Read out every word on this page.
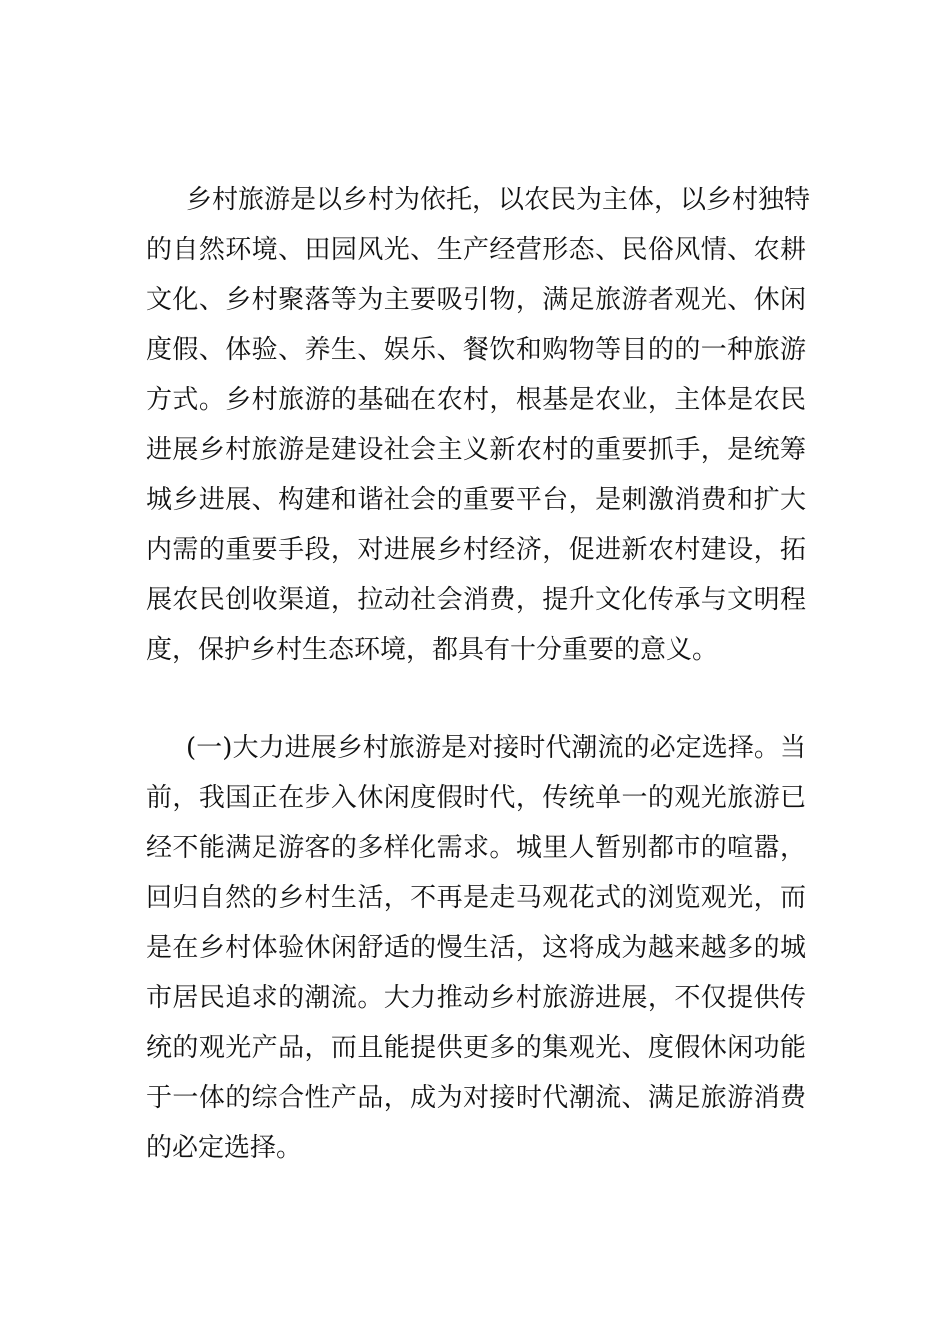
乡村旅游是以乡村为依托，以农民为主体，以乡村独特
的自然环境、田园风光、生产经营形态、民俗风情、农耕
文化、乡村聚落等为主要吸引物，满足旅游者观光、休闲
度假、体验、养生、娱乐、餐饮和购物等目的的一种旅游
方式。乡村旅游的基础在农村，根基是农业，主体是农民
进展乡村旅游是建设社会主义新农村的重要抓手，是统筹
城乡进展、构建和谐社会的重要平台，是刺激消费和扩大
内需的重要手段，对进展乡村经济，促进新农村建设，拓
展农民创收渠道，拉动社会消费，提升文化传承与文明程
度，保护乡村生态环境，都具有十分重要的意义。
(一)大力进展乡村旅游是对接时代潮流的必定选择。当
前，我国正在步入休闲度假时代，传统单一的观光旅游已
经不能满足游客的多样化需求。城里人暂别都市的喧嚣，
回归自然的乡村生活，不再是走马观花式的浏览观光，而
是在乡村体验休闲舒适的慢生活，这将成为越来越多的城
市居民追求的潮流。大力推动乡村旅游进展，不仅提供传
统的观光产品，而且能提供更多的集观光、度假休闲功能
于一体的综合性产品，成为对接时代潮流、满足旅游消费
的必定选择。
